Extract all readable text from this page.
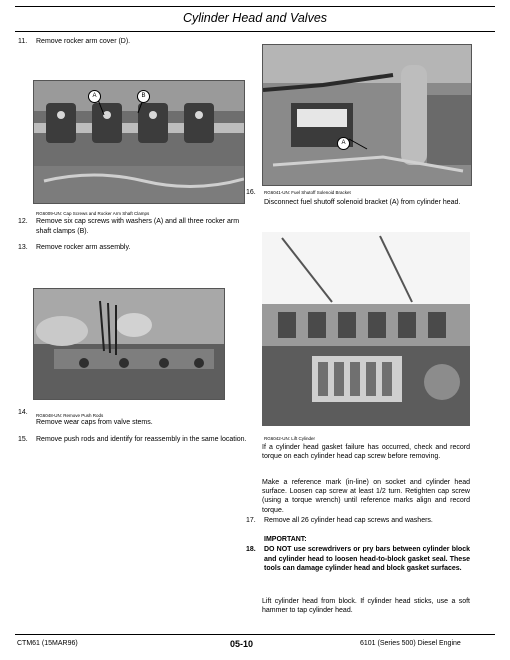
Cylinder Head and Valves
11. Remove rocker arm cover (D).
A	B
RG6009-UN: Cap Screws and Rocker Arm Shaft Clamps
12. Remove six cap screws with washers (A) and all three rocker arm shaft clamps (B).
13. Remove rocker arm assembly.
RG6048-UN: Remove Push Rods
14.
Remove wear caps from valve stems.
15. Remove push rods and identify for reassembly in the same location.
A
RG6041-UN: Fuel Shutoff Solenoid Bracket
16.
Disconnect fuel shutoff solenoid bracket (A) from cylinder head.
RG6042-UN: Lift Cylinder
If a cylinder head gasket failure has occurred, check and record torque on each cylinder head cap screw before removing.
Make a reference mark (in-line) on socket and cylinder head surface. Loosen cap screw at least 1/2 turn. Retighten cap screw (using a torque wrench) until reference marks align and record torque.
17. Remove all 26 cylinder head cap screws and washers.
IMPORTANT:
18. DO NOT use screwdrivers or pry bars between cylinder block and cylinder head to loosen head-to-block gasket seal. These tools can damage cylinder head and block gasket surfaces.
Lift cylinder head from block. If cylinder head sticks, use a soft hammer to tap cylinder head.
CTM61 (15MAR96)	05-10	6101 (Series 500) Diesel Engine
